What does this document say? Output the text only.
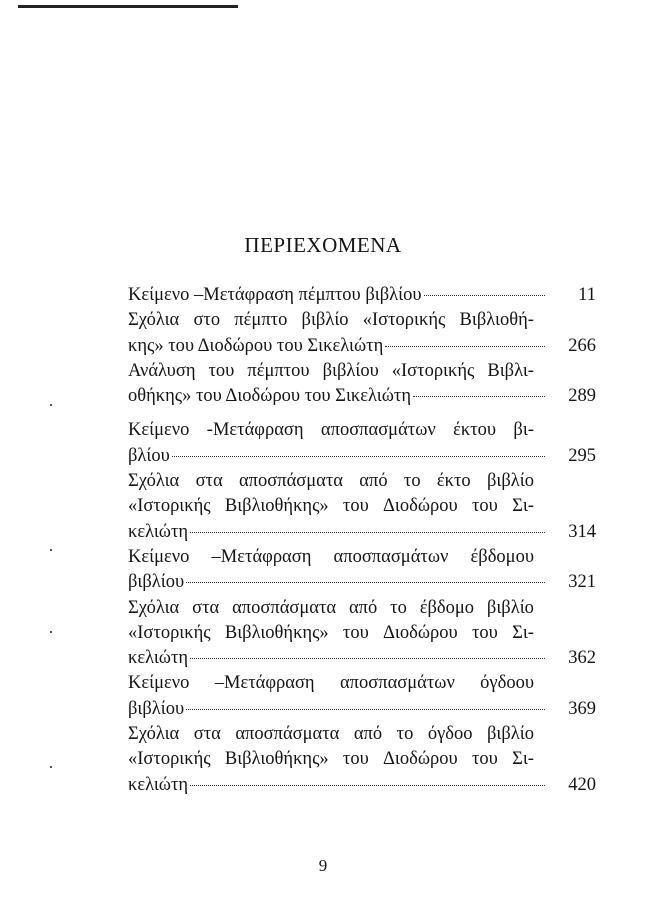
ΠΕΡΙΕΧΟΜΕΝΑ
Κείμενο –Μετάφραση πέμπτου βιβλίου	11
Σχόλια στο πέμπτο βιβλίο «Ιστορικής Βιβλιοθή-
κης» του Διοδώρου του Σικελιώτη	266
Ανάλυση του πέμπτου βιβλίου «Ιστορικής Βιβλι-
οθήκης» του Διοδώρου του Σικελιώτη	289
Κείμενο -Μετάφραση αποσπασμάτων έκτου βι-
βλίου	295
Σχόλια στα αποσπάσματα από το έκτο βιβλίο
«Ιστορικής Βιβλιοθήκης» του Διοδώρου του Σι-
κελιώτη	314
Κείμενο –Μετάφραση αποσπασμάτων έβδομου
βιβλίου	321
Σχόλια στα αποσπάσματα από το έβδομο βιβλίο
«Ιστορικής Βιβλιοθήκης» του Διοδώρου του Σι-
κελιώτη	362
Κείμενο –Μετάφραση αποσπασμάτων όγδοου
βιβλίου	369
Σχόλια στα αποσπάσματα από το όγδοο βιβλίο
«Ιστορικής Βιβλιοθήκης» του Διοδώρου του Σι-
κελιώτη	420
9
